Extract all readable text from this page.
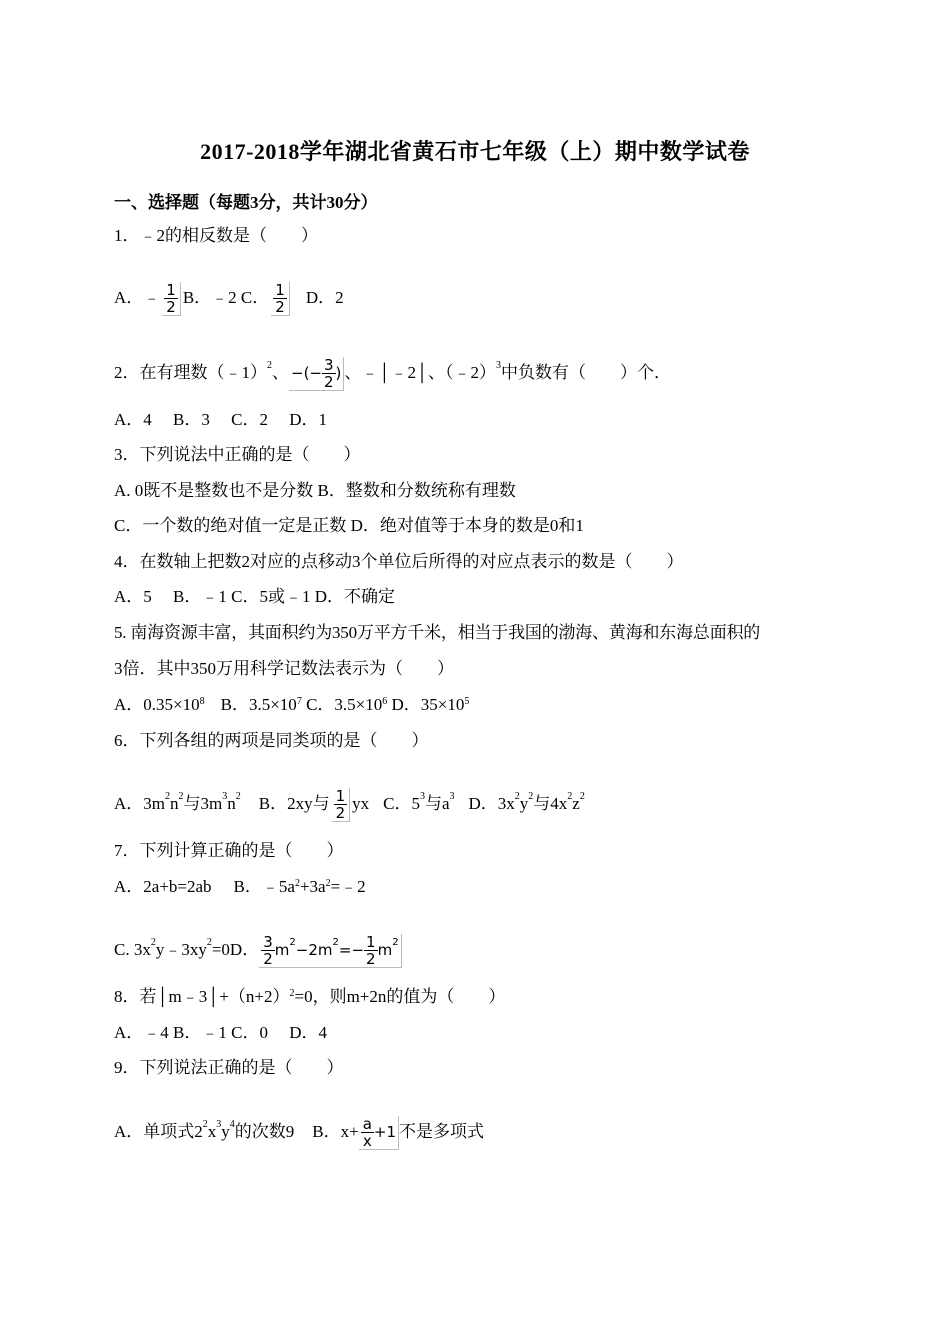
2017-2018学年湖北省黄石市七年级（上）期中数学试卷
一、选择题（每题3分，共计30分）
1．﹣2的相反数是（　　）
A．﹣ $\frac{1}{2}$ B．﹣2 C． $\frac{1}{2}$ D．2
2．在有理数（﹣1）$^2$、 −(− $\frac{3}{2}$ ) 、﹣│﹣2│、（﹣2）$^3$中负数有（　　）个．
A．4　 B．3　 C．2　 D．1
3．下列说法中正确的是（　　）
A. 0既不是整数也不是分数 B．整数和分数统称有理数
C．一个数的绝对值一定是正数 D．绝对值等于本身的数是0和1
4．在数轴上把数2对应的点移动3个单位后所得的对应点表示的数是（　　）
A．5　 B．﹣1 C．5或﹣1 D．不确定
5. 南海资源丰富，其面积约为350万平方千米，相当于我国的渤海、黄海和东海总面积的
3倍．其中350万用科学记数法表示为（　　）
A．$0.35\times 10^8$ B．$3.5\times 10^7$ C．$3.5\times 10^6$ D．$35\times 10^5$
6．下列各组的两项是同类项的是（　　）
A．$3m^2n^2$与$3m^3n^2$ B．2xy与 $\frac{1}{2}$ yx C．$5^3$与$a^3$ D．$3x^2y^2$与$4x^2z^2$
7．下列计算正确的是（　　）
A．2a+b=2ab B．$﹣5a^2+3a^2=﹣2$
C. $3x^2y﹣3xy^2=0D$． $\frac{3}{2} m^2-2m^2=- \frac{1}{2} m^2$
8．若$│m﹣3│+(n+2)^2=0$，则m+2n的值为（　　）
A．﹣4 B．﹣1 C．0　 D．4
9．下列说法正确的是（　　）
A．单项式$2^2x^3y^4$的次数9 B．$x+ \frac{a}{x} +1$ 不是多项式
